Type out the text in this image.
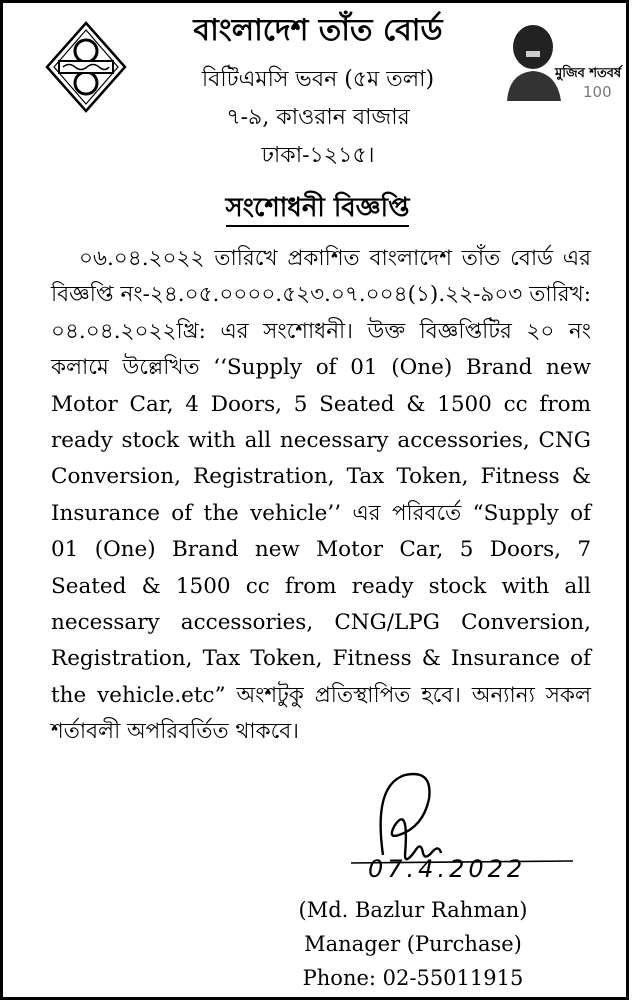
বাংলাদেশ তাঁত বোর্ড
বিটিএমসি ভবন (৫ম তলা)
৭-৯, কাওরান বাজার
ঢাকা-১২১৫।
মুজিব শতবর্ষ
100
সংশোধনী বিজ্ঞপ্তি

০৬.০৪.২০২২ তারিখে প্রকাশিত বাংলাদেশ তাঁত বোর্ড এর বিজ্ঞপ্তি নং-২৪.০৫.০০০০.৫২৩.০৭.০০৪(১).২২-৯০৩ তারিখ: ০৪.০৪.২০২২খ্রি: এর সংশোধনী। উক্ত বিজ্ঞপ্তিটির ২০ নং কলামে উল্লেখিত ‘‘Supply of 01 (One) Brand new Motor Car, 4 Doors, 5 Seated & 1500 cc from ready stock with all necessary accessories, CNG Conversion, Registration, Tax Token, Fitness & Insurance of the vehicle’’ এর পরিবর্তে “Supply of 01 (One) Brand new Motor Car, 5 Doors, 7 Seated & 1500 cc from ready stock with all necessary accessories, CNG/LPG Conversion, Registration, Tax Token, Fitness & Insurance of the vehicle.etc” অংশটুকু প্রতিস্থাপিত হবে। অন্যান্য সকল শর্তাবলী অপরিবর্তিত থাকবে।

07.4.2022
(Md. Bazlur Rahman)
Manager (Purchase)
Phone: 02-55011915
